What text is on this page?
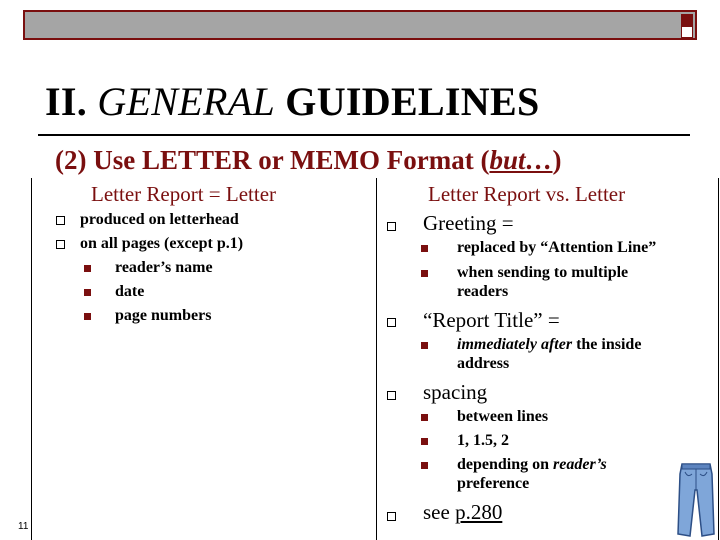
II. GENERAL GUIDELINES
(2) Use LETTER or MEMO Format (but…)
Letter Report = Letter
produced on letterhead
on all pages (except p.1)
reader’s name
date
page numbers
Letter Report vs. Letter
Greeting =
replaced by “Attention Line”
when sending to multiple
readers
“Report Title” =
immediately after the inside
address
spacing
between lines
1, 1.5, 2
depending on reader’s
preference
see p.280
11
